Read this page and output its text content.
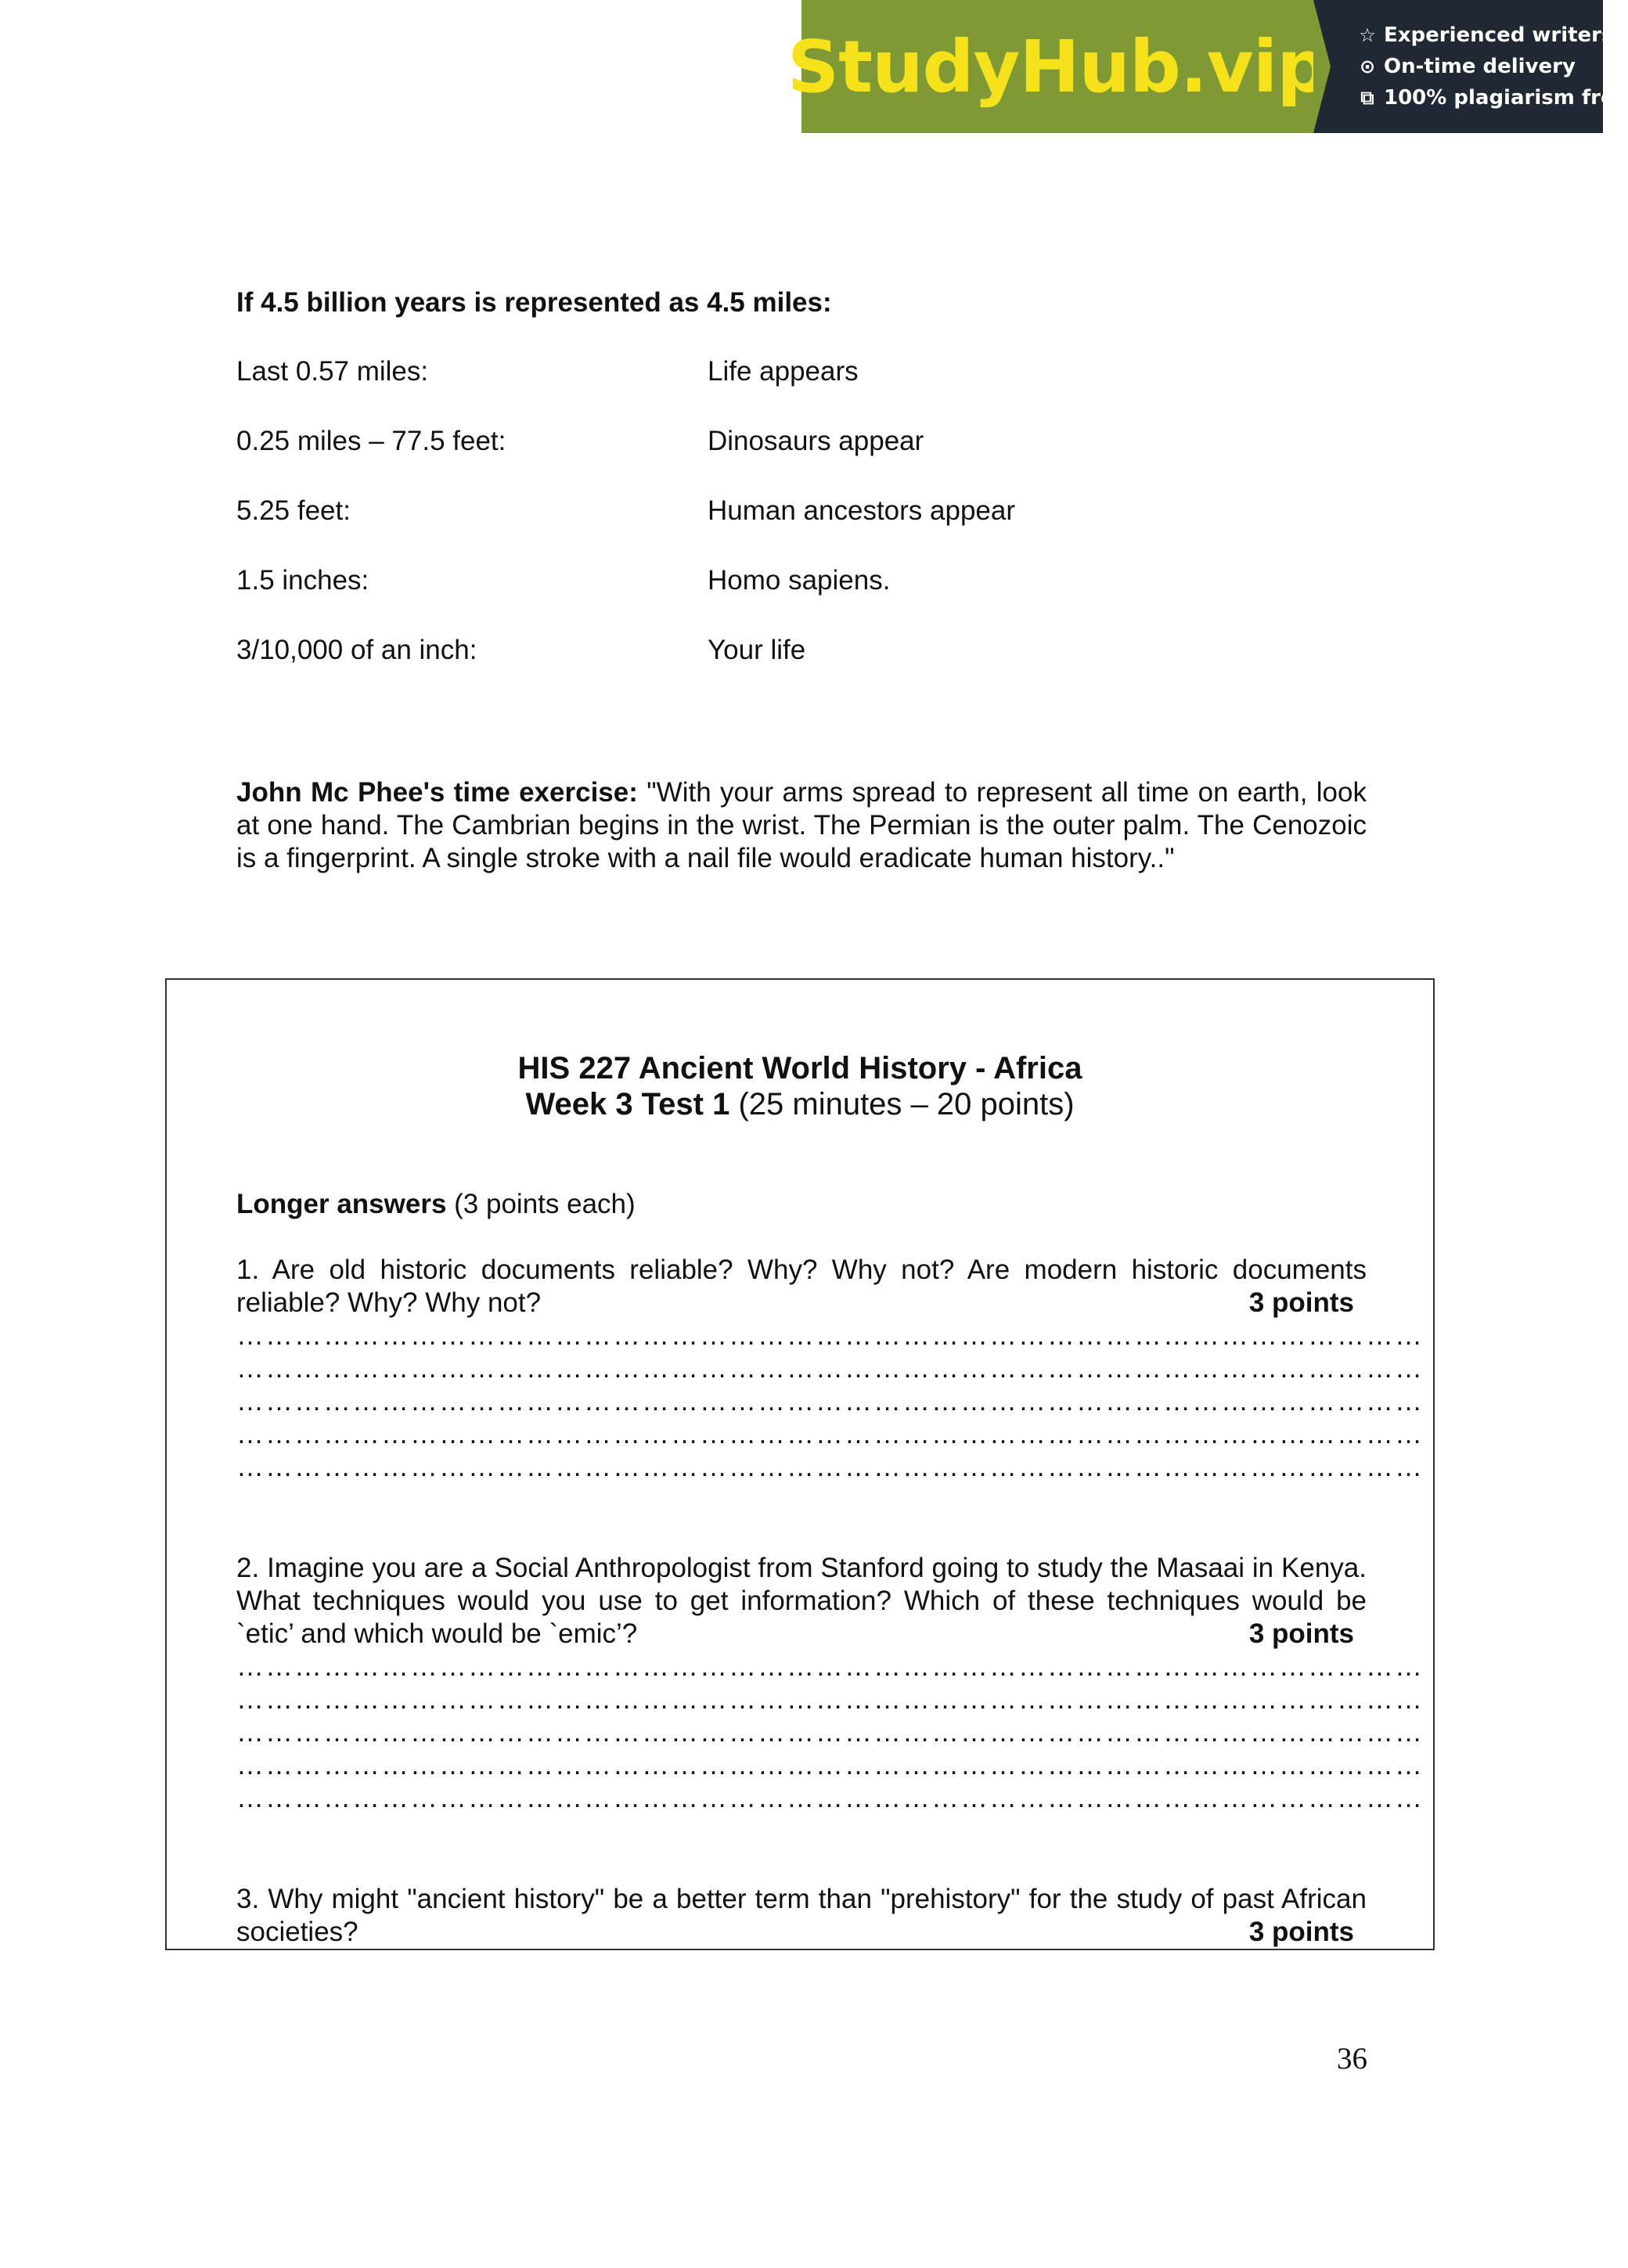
StudyHub.vip ☆ Experienced writers
⊙ On-time delivery
⧉ 100% plagiarism free
If 4.5 billion years is represented as 4.5 miles:
Last 0.57 miles:	Life appears
0.25 miles – 77.5 feet:	Dinosaurs appear
5.25 feet:	Human ancestors appear
1.5 inches:	Homo sapiens.
3/10,000 of an inch:	Your life
John Mc Phee's time exercise: "With your arms spread to represent all time on earth, look at one hand. The Cambrian begins in the wrist. The Permian is the outer palm. The Cenozoic is a fingerprint. A single stroke with a nail file would eradicate human history.."
HIS 227 Ancient World History - Africa
Week 3 Test 1 (25 minutes – 20 points)
Longer answers (3 points each)
1. Are old historic documents reliable? Why? Why not? Are modern historic documents reliable? Why? Why not?	3 points
……………………………………………………………………………………………………………
……………………………………………………………………………………………………………
……………………………………………………………………………………………………………
……………………………………………………………………………………………………………
……………………………………………………………………………………………………………
2. Imagine you are a Social Anthropologist from Stanford going to study the Masaai in Kenya. What techniques would you use to get information? Which of these techniques would be `etic’ and which would be `emic’?	3 points
……………………………………………………………………………………………………………
……………………………………………………………………………………………………………
……………………………………………………………………………………………………………
……………………………………………………………………………………………………………
……………………………………………………………………………………………………………
3. Why might "ancient history" be a better term than "prehistory" for the study of past African societies?	3 points
36
